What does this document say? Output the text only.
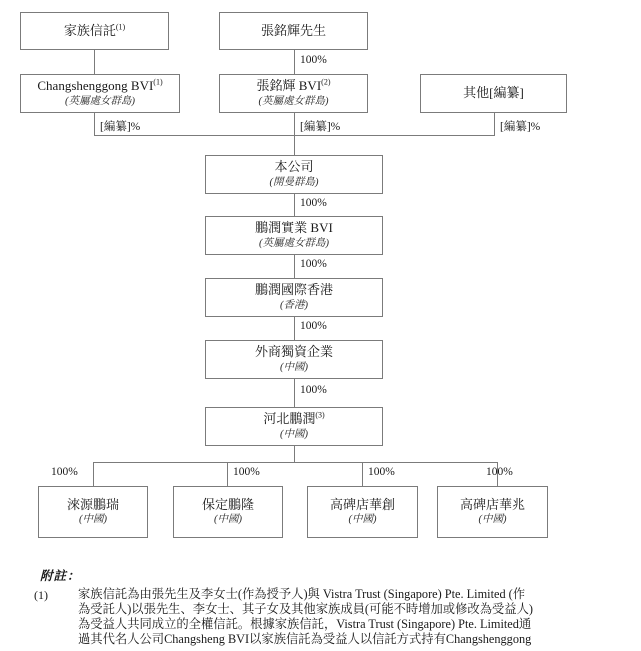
家族信託$^{(1)}$	張銘輝先生
100%
Changshenggong BVI$^{(1)}$
(英屬處女群島)
張銘輝 BVI$^{(2)}$
(英屬處女群島)
其他[編纂]
[編纂]%	[編纂]%	[編纂]%
本公司
(開曼群島)
100%
鵬潤實業 BVI
(英屬處女群島)
100%
鵬潤國際香港
(香港)
100%
外商獨資企業
(中國)
100%
河北鵬潤$^{(3)}$
(中國)
100%	100%	100%	100%
淶源鵬瑞
(中國)
保定鵬隆
(中國)
高碑店華創
(中國)
高碑店華兆
(中國)
附註：
(1) 家族信託為由張先生及李女士(作為授予人)與 Vistra Trust (Singapore) Pte. Limited (作
為受託人)以張先生、李女士、其子女及其他家族成員(可能不時增加或修改為受益人)
為受益人共同成立的全權信託。根據家族信託，Vistra Trust (Singapore) Pte. Limited通
過其代名人公司Changsheng BVI以家族信託為受益人以信託方式持有Changshenggong
